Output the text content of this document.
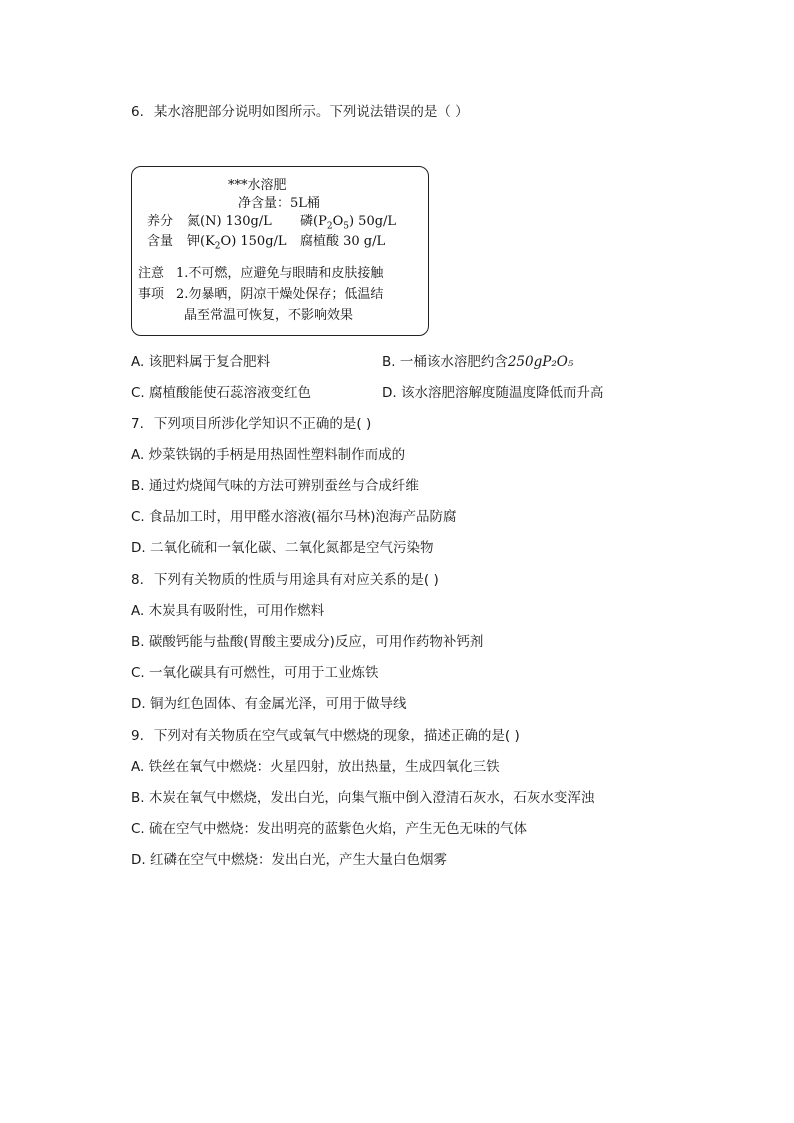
6. 某水溶肥部分说明如图所示。下列说法错误的是（ ）
***水溶肥
净含量：5L桶
养分 氮(N) 130g/L 磷$(P_2O_5)$ 50g/L
含量 钾$(K_2O)$ 150g/L 腐植酸 30 g/L
注意 1.不可燃，应避免与眼睛和皮肤接触
事项 2.勿暴晒，阴凉干燥处保存；低温结
晶至常温可恢复，不影响效果
A. 该肥料属于复合肥料	B. 一桶该水溶肥约含250𝑔𝑃₂𝑂₅
C. 腐植酸能使石蕊溶液变红色	D. 该水溶肥溶解度随温度降低而升高
7. 下列项目所涉化学知识不正确的是( )
A. 炒菜铁锅的手柄是用热固性塑料制作而成的
B. 通过灼烧闻气味的方法可辨别蚕丝与合成纤维
C. 食品加工时，用甲醛水溶液(福尔马林)泡海产品防腐
D. 二氧化硫和一氧化碳、二氧化氮都是空气污染物
8. 下列有关物质的性质与用途具有对应关系的是( )
A. 木炭具有吸附性，可用作燃料
B. 碳酸钙能与盐酸(胃酸主要成分)反应，可用作药物补钙剂
C. 一氧化碳具有可燃性，可用于工业炼铁
D. 铜为红色固体、有金属光泽，可用于做导线
9. 下列对有关物质在空气或氧气中燃烧的现象，描述正确的是( )
A. 铁丝在氧气中燃烧：火星四射，放出热量，生成四氧化三铁
B. 木炭在氧气中燃烧，发出白光，向集气瓶中倒入澄清石灰水，石灰水变浑浊
C. 硫在空气中燃烧：发出明亮的蓝紫色火焰，产生无色无味的气体
D. 红磷在空气中燃烧：发出白光，产生大量白色烟雾
